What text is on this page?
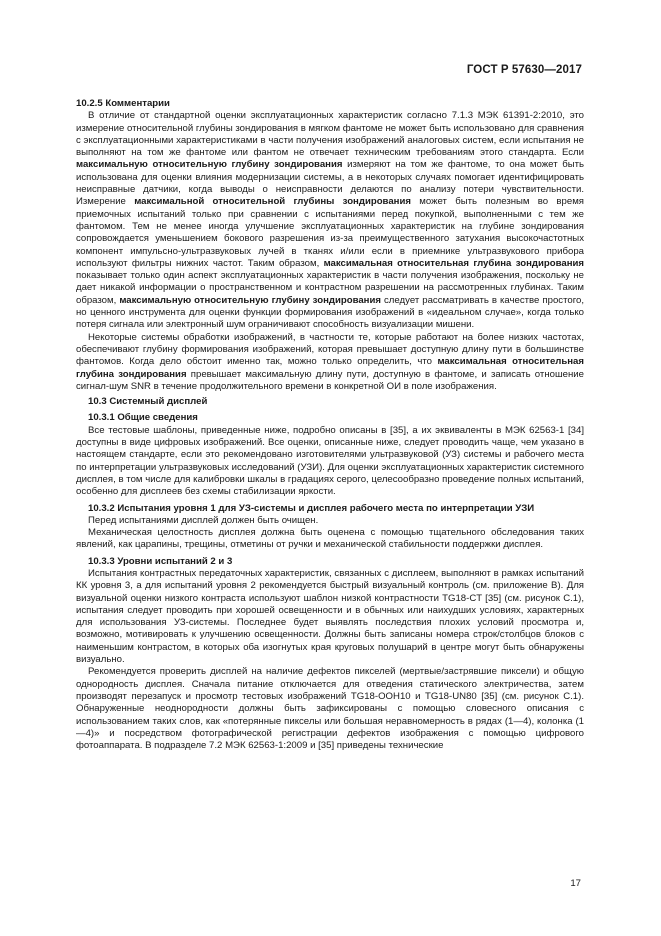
ГОСТ Р 57630—2017

10.2.5 Комментарии

В отличие от стандартной оценки эксплуатационных характеристик согласно 7.1.3 МЭК 61391-2:2010, это измерение относительной глубины зондирования в мягком фантоме не может быть использовано для сравнения с эксплуатационными характеристиками в части получения изображений аналоговых систем, если испытания не выполняют на том же фантоме или фантом не отвечает техническим требованиям этого стандарта. Если максимальную относительную глубину зондирования измеряют на том же фантоме, то она может быть использована для оценки влияния модернизации системы, а в некоторых случаях помогает идентифицировать неисправные датчики, когда выводы о неисправности делаются по анализу потери чувствительности. Измерение максимальной относительной глубины зондирования может быть полезным во время приемочных испытаний только при сравнении с испытаниями перед покупкой, выполненными с тем же фантомом. Тем не менее иногда улучшение эксплуатационных характеристик на глубине зондирования сопровождается уменьшением бокового разрешения из-за преимущественного затухания высокочастотных компонент импульсно-ультразвуковых лучей в тканях и/или если в приемнике ультразвукового прибора используют фильтры нижних частот. Таким образом, максимальная относительная глубина зондирования показывает только один аспект эксплуатационных характеристик в части получения изображения, поскольку не дает никакой информации о пространственном и контрастном разрешении на рассмотренных глубинах. Таким образом, максимальную относительную глубину зондирования следует рассматривать в качестве простого, но ценного инструмента для оценки функции формирования изображений в «идеальном случае», когда только потеря сигнала или электронный шум ограничивают способность визуализации мишени.

Некоторые системы обработки изображений, в частности те, которые работают на более низких частотах, обеспечивают глубину формирования изображений, которая превышает доступную длину пути в большинстве фантомов. Когда дело обстоит именно так, можно только определить, что максимальная относительная глубина зондирования превышает максимальную длину пути, доступную в фантоме, и записать отношение сигнал-шум SNR в течение продолжительного времени в конкретной ОИ в поле изображения.

10.3 Системный дисплей

10.3.1 Общие сведения

Все тестовые шаблоны, приведенные ниже, подробно описаны в [35], а их эквиваленты в МЭК 62563-1 [34] доступны в виде цифровых изображений. Все оценки, описанные ниже, следует проводить чаще, чем указано в настоящем стандарте, если это рекомендовано изготовителями ультразвуковой (УЗ) системы и рабочего места по интерпретации ультразвуковых исследований (УЗИ). Для оценки эксплуатационных характеристик системного дисплея, в том числе для калибровки шкалы в градациях серого, целесообразно проведение полных испытаний, особенно для дисплеев без схемы стабилизации яркости.

10.3.2 Испытания уровня 1 для УЗ-системы и дисплея рабочего места по интерпретации УЗИ

Перед испытаниями дисплей должен быть очищен.

Механическая целостность дисплея должна быть оценена с помощью тщательного обследования таких явлений, как царапины, трещины, отметины от ручки и механической стабильности поддержки дисплея.

10.3.3 Уровни испытаний 2 и 3

Испытания контрастных передаточных характеристик, связанных с дисплеем, выполняют в рамках испытаний КК уровня 3, а для испытаний уровня 2 рекомендуется быстрый визуальный контроль (см. приложение В). Для визуальной оценки низкого контраста используют шаблон низкой контрастности TG18-CT [35] (см. рисунок С.1), испытания следует проводить при хорошей освещенности и в обычных или наихудших условиях, характерных для использования УЗ-системы. Последнее будет выявлять последствия плохих условий просмотра и, возможно, мотивировать к улучшению освещенности. Должны быть записаны номера строк/столбцов блоков с наименьшим контрастом, в которых оба изогнутых края круговых полушарий в центре могут быть обнаружены визуально.

Рекомендуется проверить дисплей на наличие дефектов пикселей (мертвые/застрявшие пиксели) и общую однородность дисплея. Сначала питание отключается для отведения статического электричества, затем производят перезапуск и просмотр тестовых изображений TG18-OOH10 и TG18-UN80 [35] (см. рисунок С.1). Обнаруженные неоднородности должны быть зафиксированы с помощью словесного описания с использованием таких слов, как «потерянные пикселы или большая неравномерность в рядах (1—4), колонка (1—4)» и посредством фотографической регистрации дефектов изображения с помощью цифрового фотоаппарата. В подразделе 7.2 МЭК 62563-1:2009 и [35] приведены технические

17
